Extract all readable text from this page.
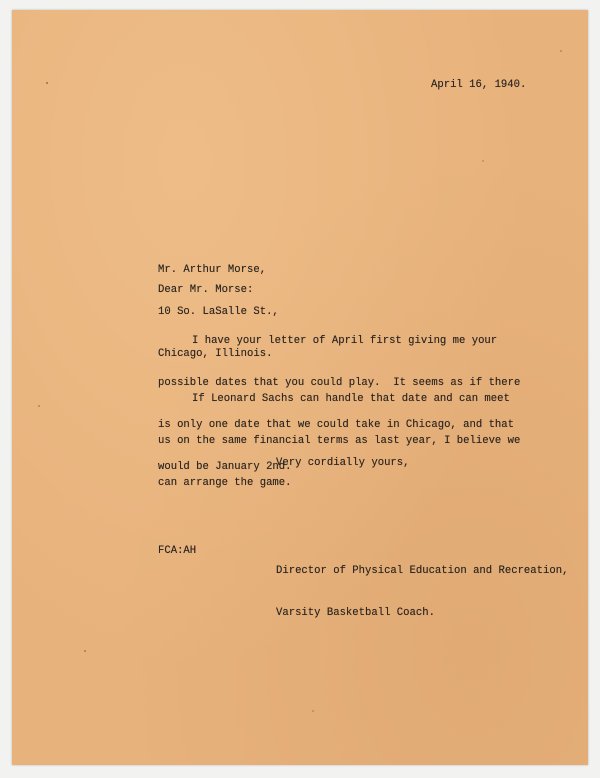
April 16, 1940.

Mr. Arthur Morse,

10 So. LaSalle St.,

Chicago, Illinois.

Dear Mr. Morse:

I have your letter of April first giving me your

possible dates that you could play.  It seems as if there

is only one date that we could take in Chicago, and that

would be January 2nd.

If Leonard Sachs can handle that date and can meet

us on the same financial terms as last year, I believe we

can arrange the game.

Very cordially yours,
FCA:AH

Director of Physical Education and Recreation,

Varsity Basketball Coach.
